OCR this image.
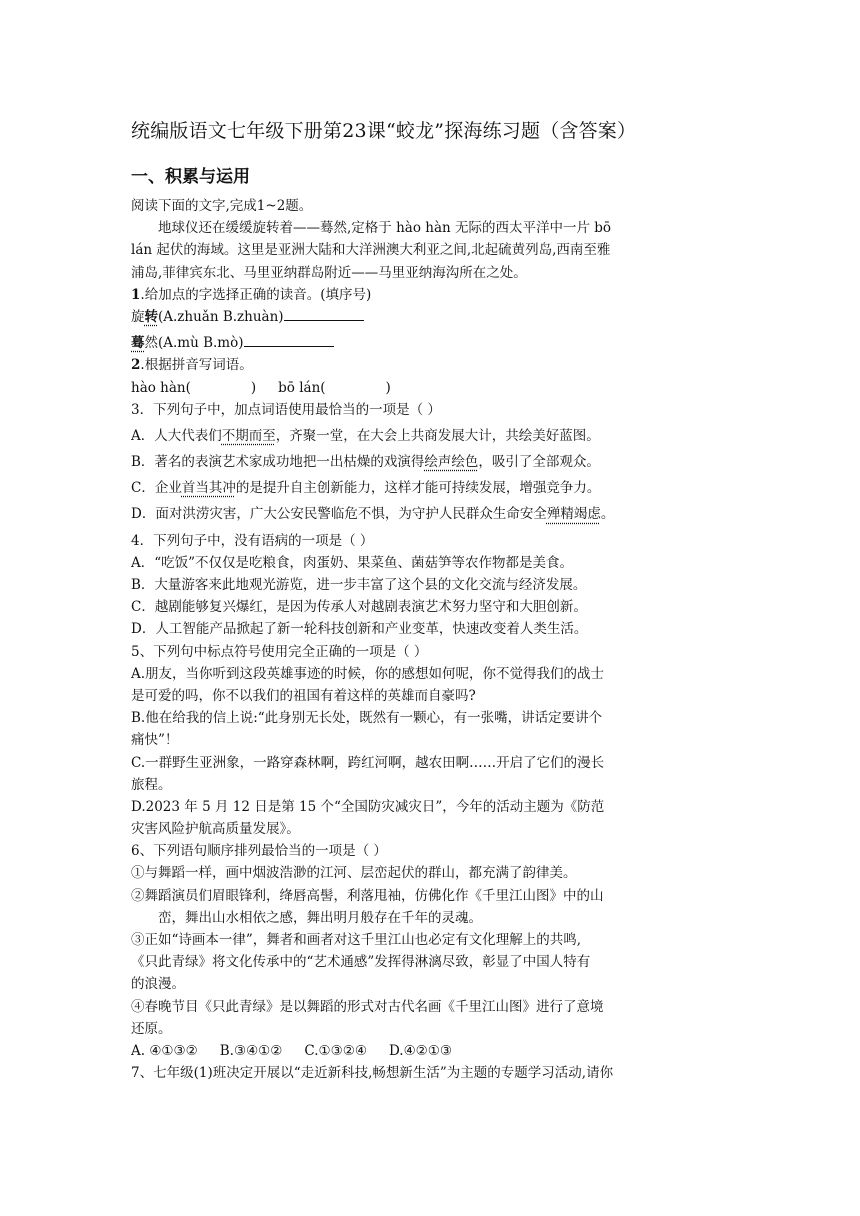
统编版语文七年级下册第23课“蛟龙”探海练习题（含答案）
一、积累与运用
阅读下面的文字,完成1~2题。
地球仪还在缓缓旋转着——蓦然,定格于 hào hàn 无际的西太平洋中一片 bō
lán 起伏的海域。这里是亚洲大陆和大洋洲澳大利亚之间,北起硫黄列岛,西南至雅
浦岛,菲律宾东北、马里亚纳群岛附近——马里亚纳海沟所在之处。
1.给加点的字选择正确的读音。(填序号)
旋转(A.zhuǎn B.zhuàn)
蓦然(A.mù B.mò)
2.根据拼音写词语。
hào hàn(	) bō lán(	)
3．下列句子中，加点词语使用最恰当的一项是（ ）
A．人大代表们不期而至，齐聚一堂，在大会上共商发展大计，共绘美好蓝图。
B．著名的表演艺术家成功地把一出枯燥的戏演得绘声绘色，吸引了全部观众。
C．企业首当其冲的是提升自主创新能力，这样才能可持续发展，增强竞争力。
D．面对洪涝灾害，广大公安民警临危不惧，为守护人民群众生命安全殚精竭虑。
4．下列句子中，没有语病的一项是（ ）
A．“吃饭”不仅仅是吃粮食，肉蛋奶、果菜鱼、菌菇笋等农作物都是美食。
B．大量游客来此地观光游览，进一步丰富了这个县的文化交流与经济发展。
C．越剧能够复兴爆红，是因为传承人对越剧表演艺术努力坚守和大胆创新。
D．人工智能产品掀起了新一轮科技创新和产业变革，快速改变着人类生活。
5、下列句中标点符号使用完全正确的一项是（ ）
A.朋友，当你听到这段英雄事迹的时候，你的感想如何呢，你不觉得我们的战士
是可爱的吗，你不以我们的祖国有着这样的英雄而自豪吗?
B.他在给我的信上说:“此身别无长处，既然有一颗心，有一张嘴，讲话定要讲个
痛快”！
C.一群野生亚洲象，一路穿森林啊，跨红河啊，越农田啊……开启了它们的漫长
旅程。
D.2023 年 5 月 12 日是第 15 个“全国防灾减灾日”，今年的活动主题为《防范
灾害风险护航高质量发展》。
6、下列语句顺序排列最恰当的一项是（ ）
①与舞蹈一样，画中烟波浩渺的江河、层峦起伏的群山，都充满了韵律美。
②舞蹈演员们眉眼锋利，绛唇高髻，利落甩袖，仿佛化作《千里江山图》中的山
峦，舞出山水相依之感，舞出明月般存在千年的灵魂。
③正如“诗画本一律”，舞者和画者对这千里江山也必定有文化理解上的共鸣,
《只此青绿》将文化传承中的“艺术通感”发挥得淋漓尽致，彰显了中国人特有
的浪漫。
④春晚节目《只此青绿》是以舞蹈的形式对古代名画《千里江山图》进行了意境
还原。
A. ④①③② B.③④①② C.①③②④ D.④②①③
7、七年级(1)班决定开展以“走近新科技,畅想新生活”为主题的专题学习活动,请你
